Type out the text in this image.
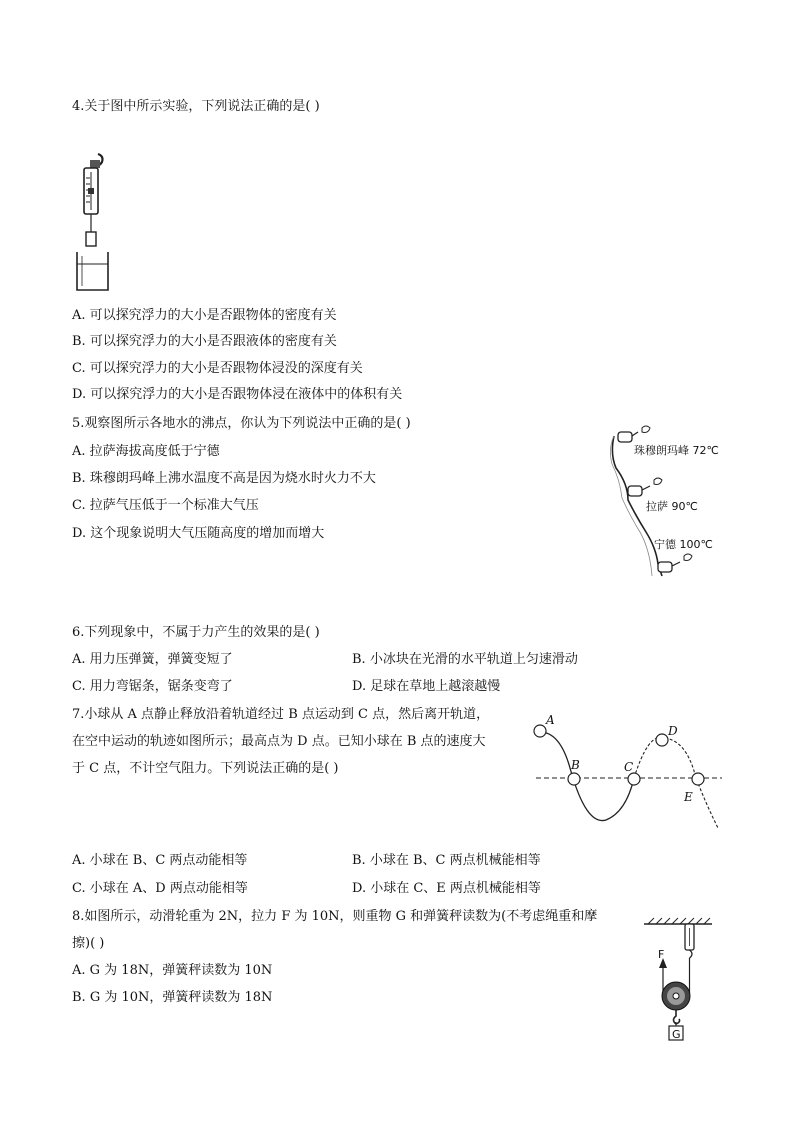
4.关于图中所示实验，下列说法正确的是( )
A. 可以探究浮力的大小是否跟物体的密度有关
B. 可以探究浮力的大小是否跟液体的密度有关
C. 可以探究浮力的大小是否跟物体浸没的深度有关
D. 可以探究浮力的大小是否跟物体浸在液体中的体积有关
5.观察图所示各地水的沸点，你认为下列说法中正确的是( )
A. 拉萨海拔高度低于宁德
B. 珠穆朗玛峰上沸水温度不高是因为烧水时火力不大
C. 拉萨气压低于一个标准大气压
D. 这个现象说明大气压随高度的增加而增大
珠穆朗玛峰 72℃
拉萨 90℃
宁德 100℃
6.下列现象中，不属于力产生的效果的是( )
A. 用力压弹簧，弹簧变短了	B. 小冰块在光滑的水平轨道上匀速滑动
C. 用力弯锯条，锯条变弯了	D. 足球在草地上越滚越慢
7.小球从 A 点静止释放沿着轨道经过 B 点运动到 C 点，然后离开轨道，
在空中运动的轨迹如图所示；最高点为 D 点。已知小球在 B 点的速度大
于 C 点，不计空气阻力。下列说法正确的是( )
A
B	C
D
E
A. 小球在 B、C 两点动能相等	B. 小球在 B、C 两点机械能相等
C. 小球在 A、D 两点动能相等	D. 小球在 C、E 两点机械能相等
8.如图所示，动滑轮重为 2N，拉力 F 为 10N，则重物 G 和弹簧秤读数为(不考虑绳重和摩
擦)( )
A. G 为 18N，弹簧秤读数为 10N
B. G 为 10N，弹簧秤读数为 18N
F
G
